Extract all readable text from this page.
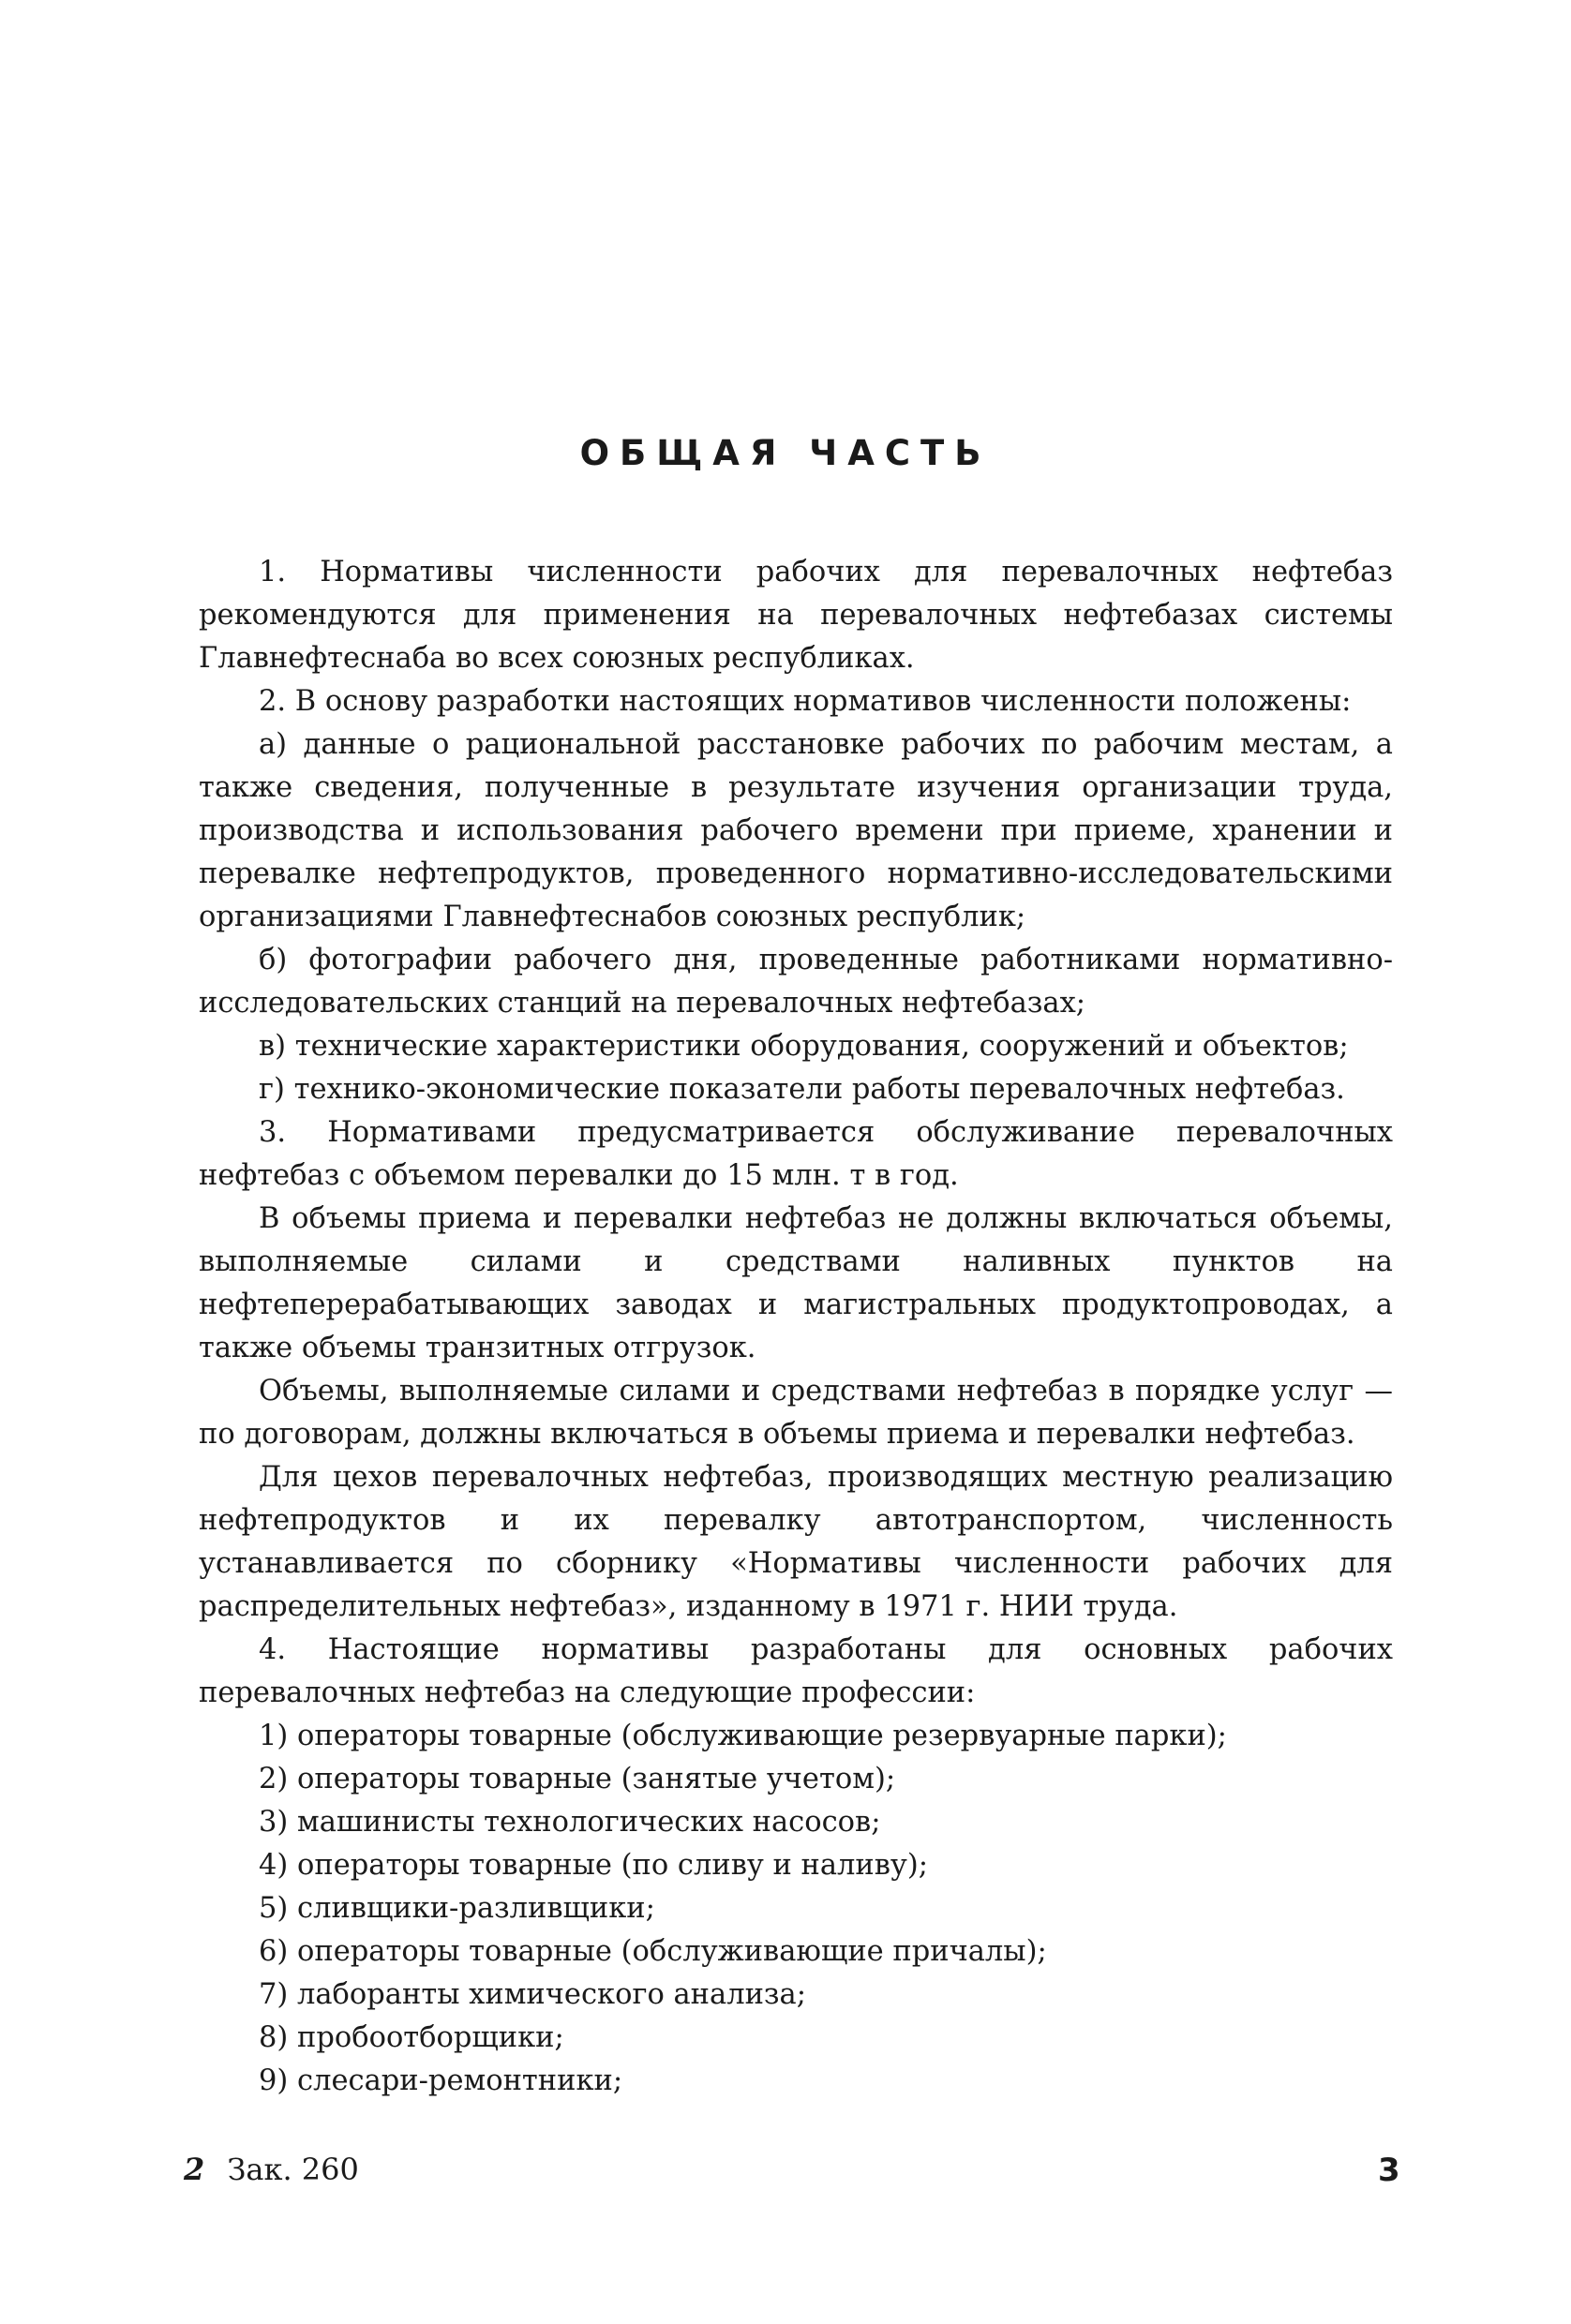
ОБЩАЯ ЧАСТЬ

1. Нормативы численности рабочих для перевалочных нефтебаз рекомендуются для применения на перевалочных нефтебазах системы Главнефтеснаба во всех союзных республиках.

2. В основу разработки настоящих нормативов численности положены:

а) данные о рациональной расстановке рабочих по рабочим местам, а также сведения, полученные в результате изучения организации труда, производства и использования рабочего времени при приеме, хранении и перевалке нефтепродуктов, проведенного нормативно-исследовательскими организациями Главнефтеснабов союзных республик;

б) фотографии рабочего дня, проведенные работниками нормативно-исследовательских станций на перевалочных нефтебазах;

в) технические характеристики оборудования, сооружений и объектов;

г) технико-экономические показатели работы перевалочных нефтебаз.

3. Нормативами предусматривается обслуживание перевалочных нефтебаз с объемом перевалки до 15 млн. т в год.

В объемы приема и перевалки нефтебаз не должны включаться объемы, выполняемые силами и средствами наливных пунктов на нефтеперерабатывающих заводах и магистральных продуктопроводах, а также объемы транзитных отгрузок.

Объемы, выполняемые силами и средствами нефтебаз в порядке услуг — по договорам, должны включаться в объемы приема и перевалки нефтебаз.

Для цехов перевалочных нефтебаз, производящих местную реализацию нефтепродуктов и их перевалку автотранспортом, численность устанавливается по сборнику «Нормативы численности рабочих для распределительных нефтебаз», изданному в 1971 г. НИИ труда.

4. Настоящие нормативы разработаны для основных рабочих перевалочных нефтебаз на следующие профессии:

1) операторы товарные (обслуживающие резервуарные парки);

2) операторы товарные (занятые учетом);

3) машинисты технологических насосов;

4) операторы товарные (по сливу и наливу);

5) сливщики-разливщики;

6) операторы товарные (обслуживающие причалы);

7) лаборанты химического анализа;

8) пробоотборщики;

9) слесари-ремонтники;

2 Зак. 260	3
